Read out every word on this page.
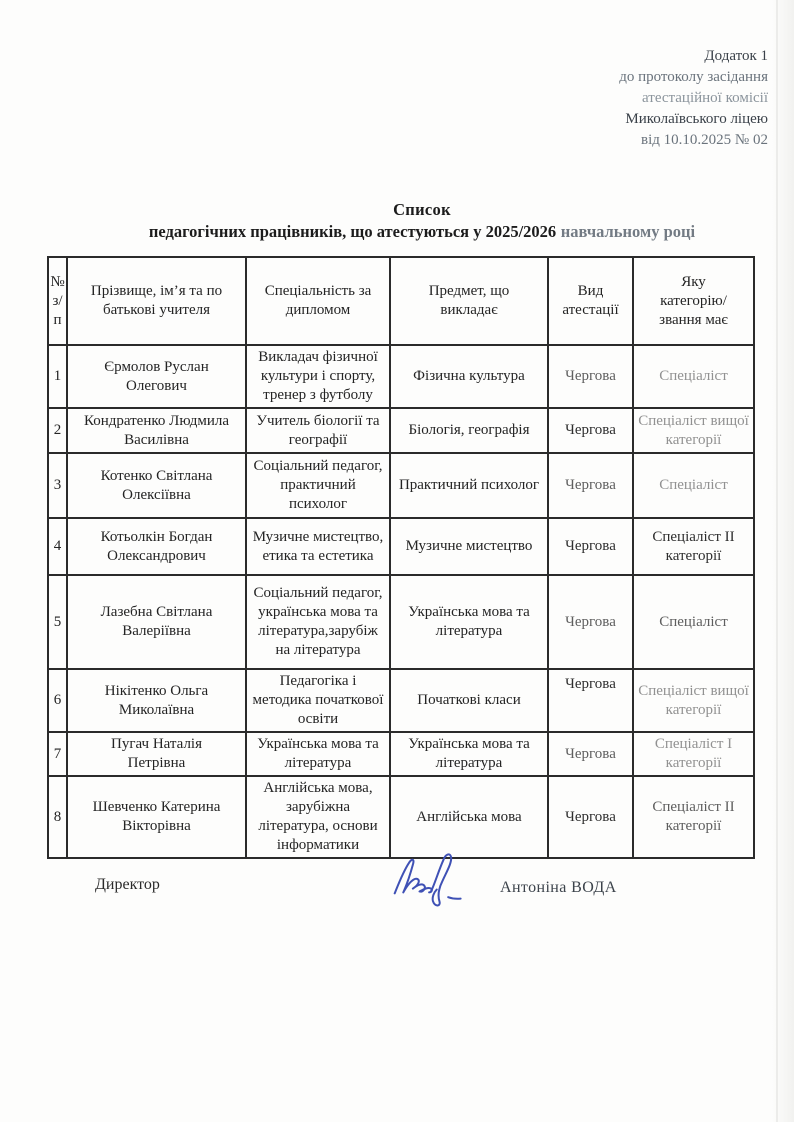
Додаток 1
до протоколу засідання
атестаційної комісії
Миколаївського ліцею
від 10.10.2025 № 02
Список
педагогічних працівників, що атестуються у 2025/2026 навчальному році
№ з/п	Прізвище, ім’я та по батькові учителя	Спеціальність за дипломом	Предмет, що викладає	Вид атестації	Яку категорію/ звання має
1	Єрмолов Руслан Олегович	Викладач фізичної культури і спорту, тренер з футболу	Фізична культура	Чергова	Спеціаліст
2	Кондратенко Людмила Василівна	Учитель біології та географії	Біологія, географія	Чергова	Спеціаліст вищої категорії
3	Котенко Світлана Олексіївна	Соціальний педагог, практичний психолог	Практичний психолог	Чергова	Спеціаліст
4	Котьолкін Богдан Олександрович	Музичне мистецтво, етика та естетика	Музичне мистецтво	Чергова	Спеціаліст ІІ категорії
5	Лазебна Світлана Валеріївна	Соціальний педагог, українська мова та література,зарубіж на література	Українська мова та література	Чергова	Спеціаліст
6	Нікітенко Ольга Миколаївна	Педагогіка і методика початкової освіти	Початкові класи	Чергова	Спеціаліст вищої категорії
7	Пугач Наталія Петрівна	Українська мова та література	Українська мова та література	Чергова	Спеціаліст І категорії
8	Шевченко Катерина Вікторівна	Англійська мова, зарубіжна література, основи інформатики	Англійська мова	Чергова	Спеціаліст ІІ категорії
Директор	Антоніна ВОДА
